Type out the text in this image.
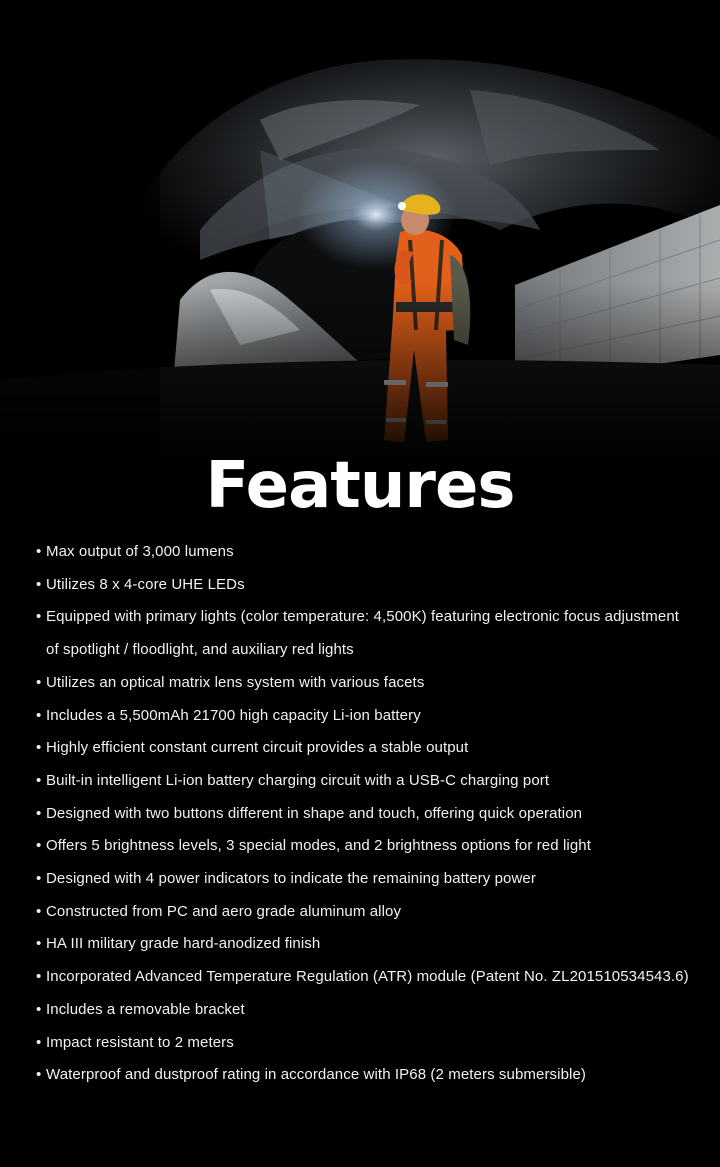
Features
• Max output of 3,000 lumens
• Utilizes 8 x 4-core UHE LEDs
• Equipped with primary lights (color temperature: 4,500K) featuring electronic focus adjustment of spotlight / floodlight, and auxiliary red lights
• Utilizes an optical matrix lens system with various facets
• Includes a 5,500mAh 21700 high capacity Li-ion battery
• Highly efficient constant current circuit provides a stable output
• Built-in intelligent Li-ion battery charging circuit with a USB-C charging port
• Designed with two buttons different in shape and touch, offering quick operation
• Offers 5 brightness levels, 3 special modes, and 2 brightness options for red light
• Designed with 4 power indicators to indicate the remaining battery power
• Constructed from PC and aero grade aluminum alloy
• HA III military grade hard-anodized finish
• Incorporated Advanced Temperature Regulation (ATR) module (Patent No. ZL201510534543.6)
• Includes a removable bracket
• Impact resistant to 2 meters
• Waterproof and dustproof rating in accordance with IP68 (2 meters submersible)
